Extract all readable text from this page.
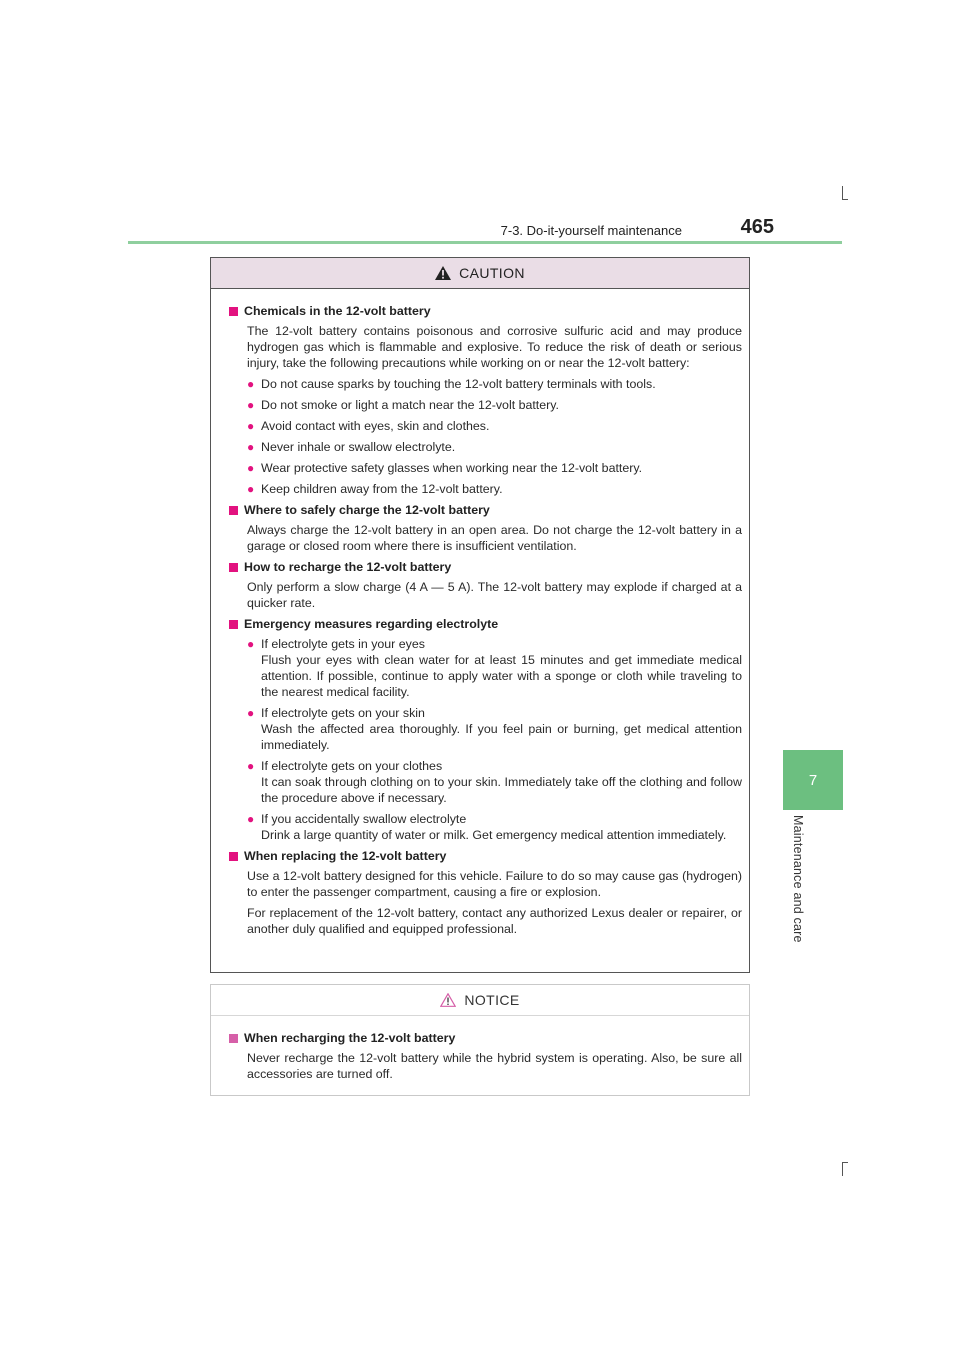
7-3. Do-it-yourself maintenance	465
7
Maintenance and care
CAUTION
Chemicals in the 12-volt battery
The 12-volt battery contains poisonous and corrosive sulfuric acid and may produce hydrogen gas which is flammable and explosive. To reduce the risk of death or serious injury, take the following precautions while working on or near the 12-volt battery:
● Do not cause sparks by touching the 12-volt battery terminals with tools.
● Do not smoke or light a match near the 12-volt battery.
● Avoid contact with eyes, skin and clothes.
● Never inhale or swallow electrolyte.
● Wear protective safety glasses when working near the 12-volt battery.
● Keep children away from the 12-volt battery.
Where to safely charge the 12-volt battery
Always charge the 12-volt battery in an open area. Do not charge the 12-volt battery in a garage or closed room where there is insufficient ventilation.
How to recharge the 12-volt battery
Only perform a slow charge (4 A — 5 A). The 12-volt battery may explode if charged at a quicker rate.
Emergency measures regarding electrolyte
● If electrolyte gets in your eyes
Flush your eyes with clean water for at least 15 minutes and get immediate medical attention. If possible, continue to apply water with a sponge or cloth while traveling to the nearest medical facility.
● If electrolyte gets on your skin
Wash the affected area thoroughly. If you feel pain or burning, get medical attention immediately.
● If electrolyte gets on your clothes
It can soak through clothing on to your skin. Immediately take off the clothing and follow the procedure above if necessary.
● If you accidentally swallow electrolyte
Drink a large quantity of water or milk. Get emergency medical attention immediately.
When replacing the 12-volt battery
Use a 12-volt battery designed for this vehicle. Failure to do so may cause gas (hydrogen) to enter the passenger compartment, causing a fire or explosion.
For replacement of the 12-volt battery, contact any authorized Lexus dealer or repairer, or another duly qualified and equipped professional.
NOTICE
When recharging the 12-volt battery
Never recharge the 12-volt battery while the hybrid system is operating. Also, be sure all accessories are turned off.
